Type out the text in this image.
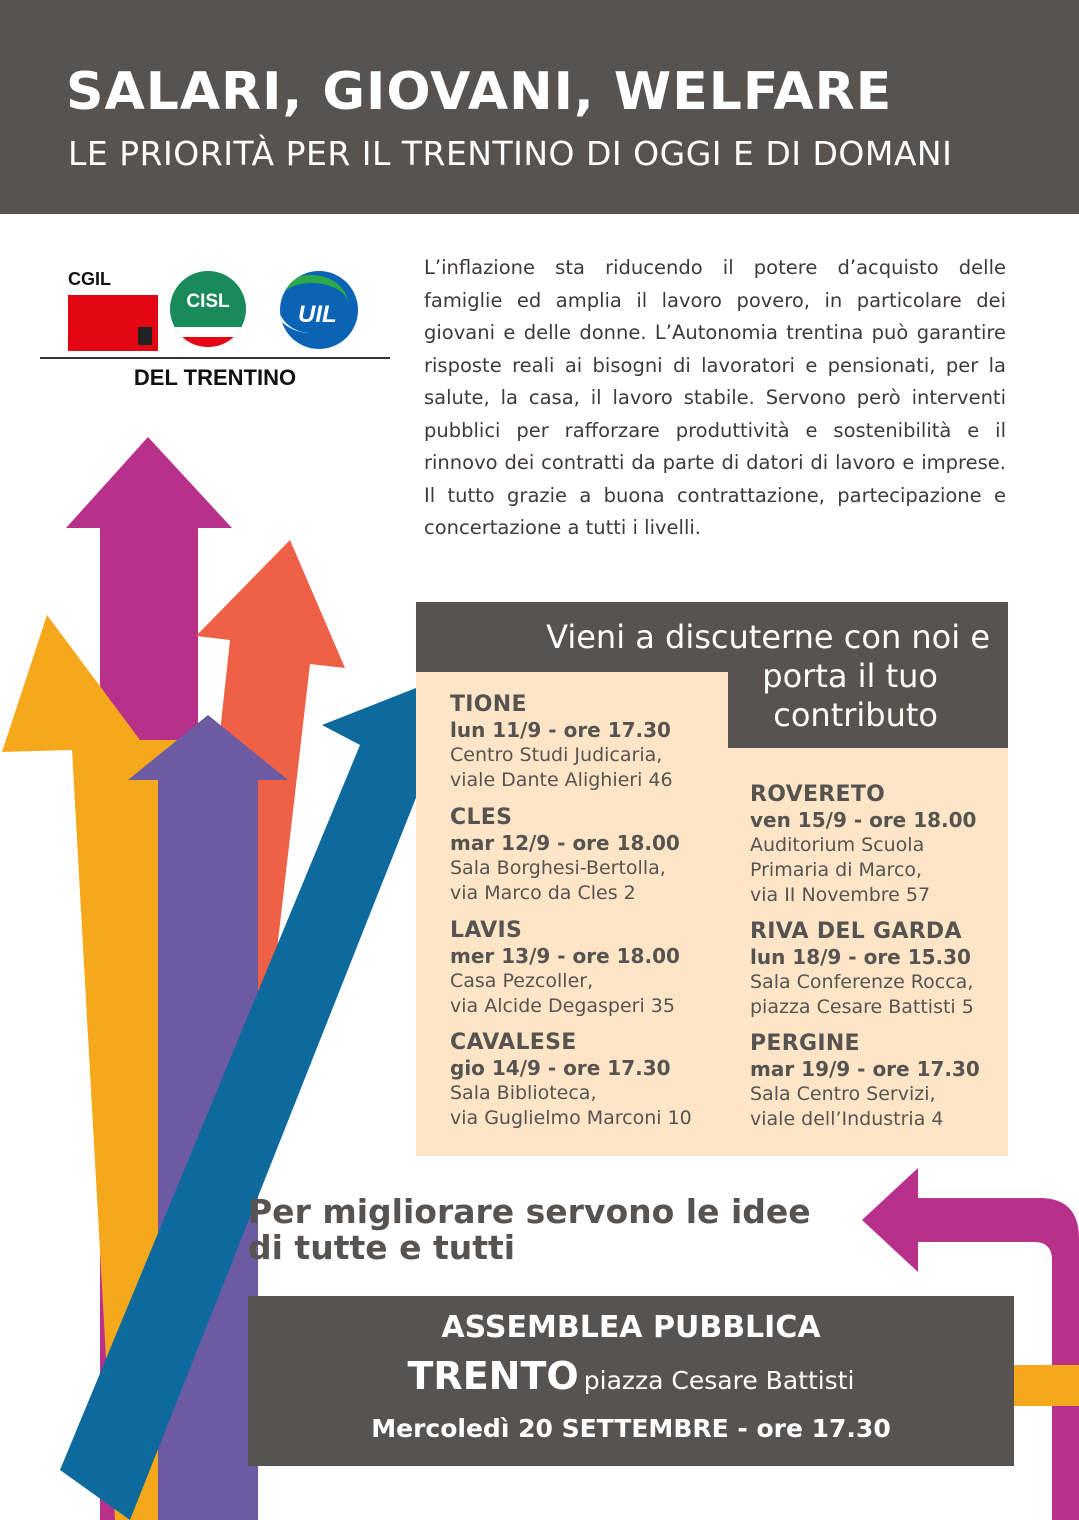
SALARI, GIOVANI, WELFARE
LE PRIORITÀ PER IL TRENTINO DI OGGI E DI DOMANI
CGIL
CISL	UIL
DEL TRENTINO
L’inflazione sta riducendo il potere d’acquisto delle famiglie ed amplia il lavoro povero, in particolare dei giovani e delle donne. L’Autonomia trentina può garantire risposte reali ai bisogni di lavoratori e pensionati, per la salute, la casa, il lavoro stabile. Servono però interventi pubblici per rafforzare produttività e sostenibilità e il rinnovo dei contratti da parte di datori di lavoro e imprese. Il tutto grazie a buona contrattazione, partecipazione e concertazione a tutti i livelli.
Vieni a discuterne con noi e
porta il tuo
contributo
TIONE
lun 11/9 - ore 17.30
Centro Studi Judicaria,
viale Dante Alighieri 46
CLES
mar 12/9 - ore 18.00
Sala Borghesi-Bertolla,
via Marco da Cles 2
LAVIS
mer 13/9 - ore 18.00
Casa Pezcoller,
via Alcide Degasperi 35
CAVALESE
gio 14/9 - ore 17.30
Sala Biblioteca,
via Guglielmo Marconi 10
ROVERETO
ven 15/9 - ore 18.00
Auditorium Scuola
Primaria di Marco,
via II Novembre 57
RIVA DEL GARDA
lun 18/9 - ore 15.30
Sala Conferenze Rocca,
piazza Cesare Battisti 5
PERGINE
mar 19/9 - ore 17.30
Sala Centro Servizi,
viale dell’Industria 4
Per migliorare servono le idee
di tutte e tutti
ASSEMBLEA PUBBLICA
TRENTO piazza Cesare Battisti
Mercoledì 20 SETTEMBRE - ore 17.30
